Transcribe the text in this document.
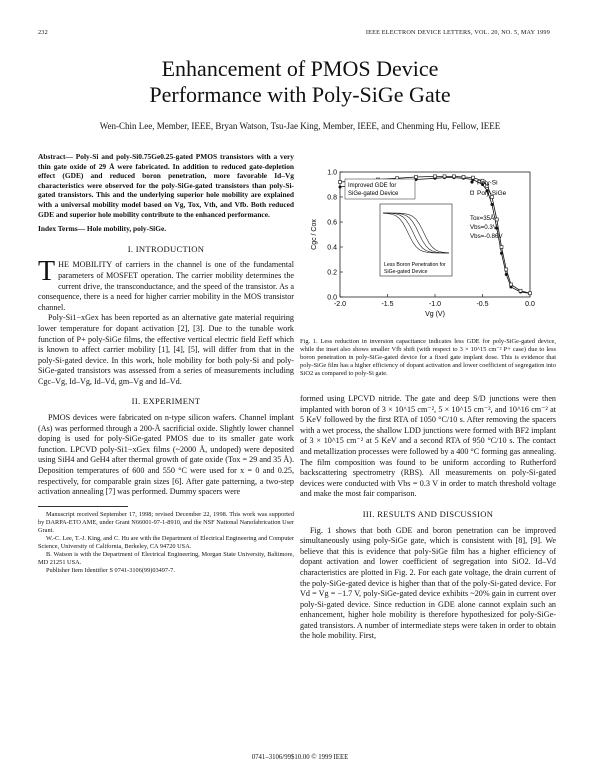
232	IEEE ELECTRON DEVICE LETTERS, VOL. 20, NO. 5, MAY 1999
Enhancement of PMOS Device
Performance with Poly-SiGe Gate
Wen-Chin Lee, Member, IEEE, Bryan Watson, Tsu-Jae King, Member, IEEE, and Chenming Hu, Fellow, IEEE

Abstract— Poly-Si and poly-Si0.75Ge0.25-gated PMOS transistors with a very thin gate oxide of 29 Å were fabricated. In addition to reduced gate-depletion effect (GDE) and reduced boron penetration, more favorable Id–Vg characteristics were observed for the poly-SiGe-gated transistors than poly-Si-gated transistors. This and the underlying superior hole mobility are explained with a universal mobility model based on Vg, Tox, Vth, and Vfb. Both reduced GDE and superior hole mobility contribute to the enhanced performance.

Index Terms— Hole mobility, poly-SiGe.

I. INTRODUCTION

THE MOBILITY of carriers in the channel is one of the fundamental parameters of MOSFET operation. The carrier mobility determines the current drive, the transconductance, and the speed of the transistor. As a consequence, there is a need for higher carrier mobility in the MOS transistor channel.

Poly-Si1−xGex has been reported as an alternative gate material requiring lower temperature for dopant activation [2], [3]. Due to the tunable work function of P+ poly-SiGe films, the effective vertical electric field Eeff which is known to affect carrier mobility [1], [4], [5], will differ from that in the poly-Si-gated device. In this work, hole mobility for both poly-Si and poly-SiGe-gated transistors was assessed from a series of measurements including Cgc–Vg, Id–Vg, Id–Vd, gm–Vg and Id–Vd.

II. EXPERIMENT

PMOS devices were fabricated on n-type silicon wafers. Channel implant (As) was performed through a 200-Å sacrificial oxide. Slightly lower channel doping is used for poly-SiGe-gated PMOS due to its smaller gate work function. LPCVD poly-Si1−xGex films (~2000 Å, undoped) were deposited using SiH4 and GeH4 after thermal growth of gate oxide (Tox = 29 and 35 Å). Deposition temperatures of 600 and 550 °C were used for x = 0 and 0.25, respectively, for comparable grain sizes [6]. After gate patterning, a two-step activation annealing [7] was performed. Dummy spacers were

Manuscript received September 17, 1998; revised December 22, 1998. This work was supported by DARPA-ETO AME, under Grant N66001-97-1-8910, and the NSF National Nanofabrication User Grant.

W.-C. Lee, T.-J. King, and C. Hu are with the Department of Electrical Engineering and Computer Science, University of California, Berkeley, CA 94720 USA.

B. Watson is with the Department of Electrical Engineering, Morgan State University, Baltimore, MD 21251 USA.

Publisher Item Identifier S 0741-3106(99)03497-7.

-2.0	-1.5	-1.0	-0.5	0.0
0.0
0.2
0.4
0.6
0.8
1.0
Vg (V)
Cgc / Cox
Poly-Si
Poly-SiGe
Tox=35Å
Vbs=0.3V
Vbs=-0.86V
Improved GDE for
SiGe-gated Device
Less Boron Penetration for
SiGe-gated Device
Fig. 1. Less reduction in inversion capacitance indicates less GDE for poly-SiGe-gated device, while the inset also shows smaller Vfb shift (with respect to 3 × 10^15 cm⁻² P+ case) due to less boron penetration in poly-SiGe-gated device for a fixed gate implant dose. This is evidence that poly-SiGe film has a higher efficiency of dopant activation and lower coefficient of segregation into SiO2 as compared to poly-Si gate.

formed using LPCVD nitride. The gate and deep S/D junctions were then implanted with boron of 3 × 10^15 cm⁻², 5 × 10^15 cm⁻², and 10^16 cm⁻² at 5 KeV followed by the first RTA of 1050 °C/10 s. After removing the spacers with a wet process, the shallow LDD junctions were formed with BF2 implant of 3 × 10^15 cm⁻² at 5 KeV and a second RTA of 950 °C/10 s. The contact and metallization processes were followed by a 400 °C forming gas annealing. The film composition was found to be uniform according to Rutherford backscattering spectrometry (RBS). All measurements on poly-Si-gated devices were conducted with Vbs = 0.3 V in order to match threshold voltage and make the most fair comparison.

III. RESULTS AND DISCUSSION

Fig. 1 shows that both GDE and boron penetration can be improved simultaneously using poly-SiGe gate, which is consistent with [8], [9]. We believe that this is evidence that poly-SiGe film has a higher efficiency of dopant activation and lower coefficient of segregation into SiO2. Id–Vd characteristics are plotted in Fig. 2. For each gate voltage, the drain current of the poly-SiGe-gated device is higher than that of the poly-Si-gated device. For Vd = Vg = −1.7 V, poly-SiGe-gated device exhibits ~20% gain in current over poly-Si-gated device. Since reduction in GDE alone cannot explain such an enhancement, higher hole mobility is therefore hypothesized for poly-SiGe-gated transistors. A number of intermediate steps were taken in order to obtain the hole mobility. First,

0741–3106/99$10.00 © 1999 IEEE
